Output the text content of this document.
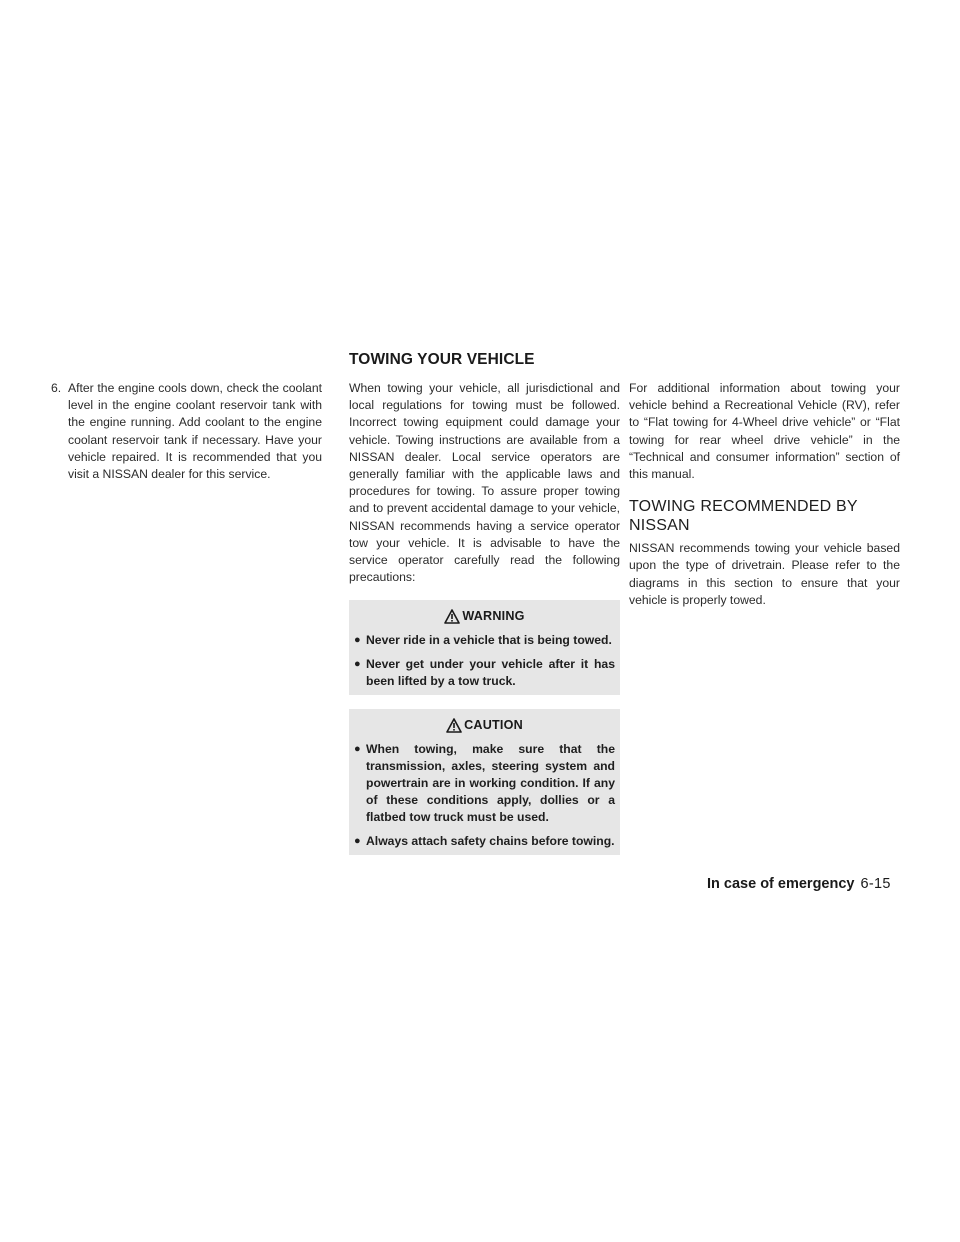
TOWING YOUR VEHICLE
6. After the engine cools down, check the coolant level in the engine coolant reservoir tank with the engine running. Add coolant to the engine coolant reservoir tank if necessary. Have your vehicle repaired. It is recommended that you visit a NISSAN dealer for this service.

When towing your vehicle, all jurisdictional and local regulations for towing must be followed. Incorrect towing equipment could damage your vehicle. Towing instructions are available from a NISSAN dealer. Local service operators are generally familiar with the applicable laws and procedures for towing. To assure proper towing and to prevent accidental damage to your vehicle, NISSAN recommends having a service operator tow your vehicle. It is advisable to have the service operator carefully read the following precautions:

WARNING
● Never ride in a vehicle that is being towed.
● Never get under your vehicle after it has been lifted by a tow truck.
CAUTION
● When towing, make sure that the transmission, axles, steering system and powertrain are in working condition. If any of these conditions apply, dollies or a flatbed tow truck must be used.
● Always attach safety chains before towing.

For additional information about towing your vehicle behind a Recreational Vehicle (RV), refer to “Flat towing for 4-Wheel drive vehicle” or “Flat towing for rear wheel drive vehicle” in the “Technical and consumer information” section of this manual.

TOWING RECOMMENDED BY NISSAN

NISSAN recommends towing your vehicle based upon the type of drivetrain. Please refer to the diagrams in this section to ensure that your vehicle is properly towed.

In case of emergency 6-15
